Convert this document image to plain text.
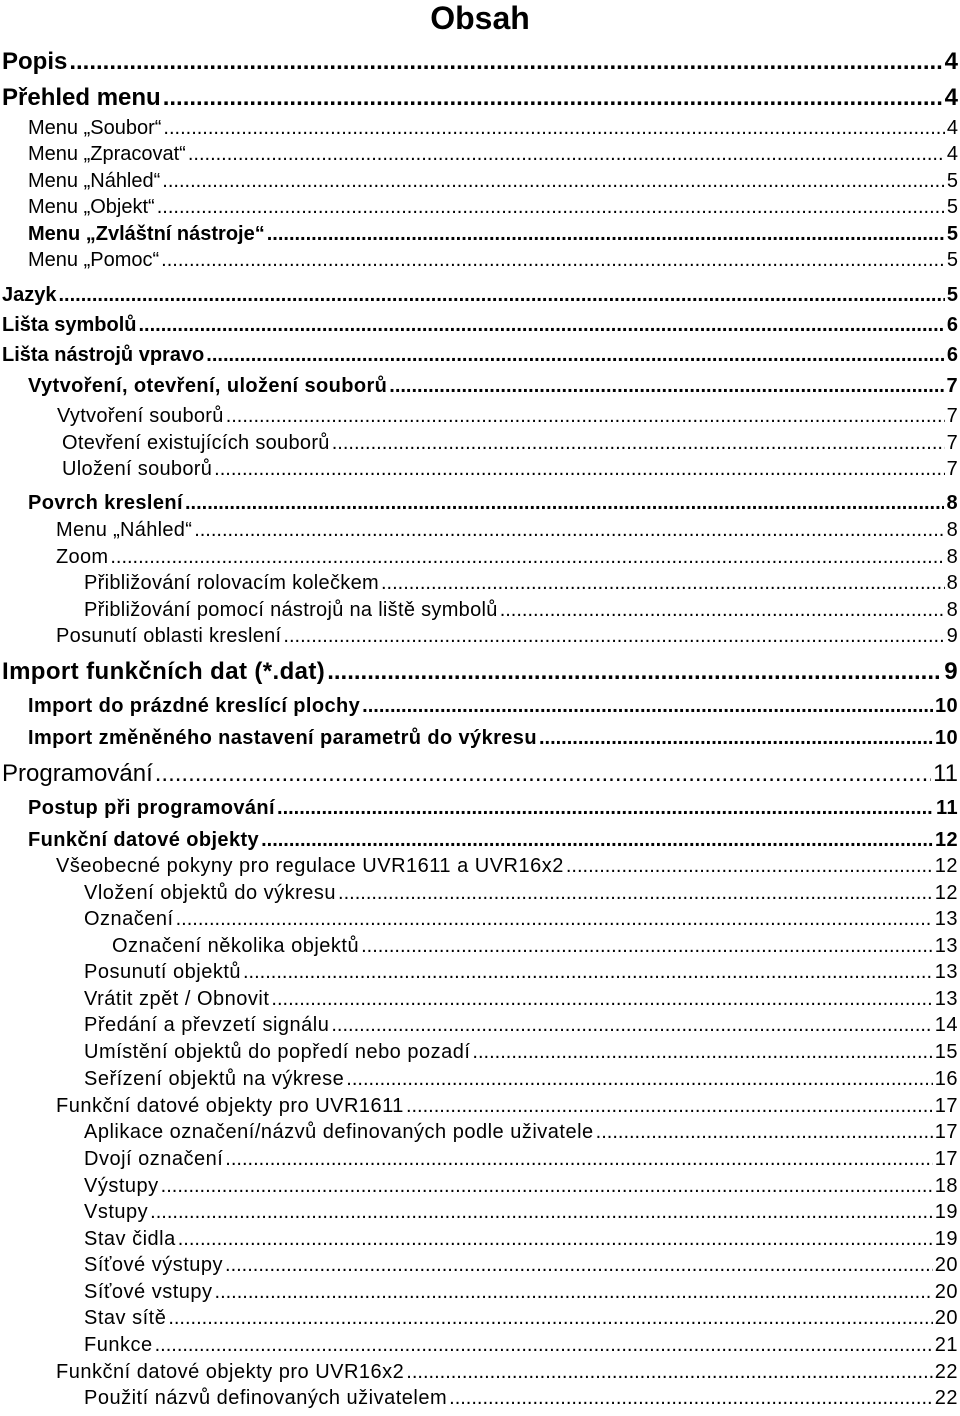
Obsah
Popis .....	4
Přehled menu .....	4
Menu „Soubor“ .....	4
Menu „Zpracovat“ .....	4
Menu „Náhled“ .....	5
Menu „Objekt“ .....	5
Menu „Zvláštní nástroje“ .....	5
Menu „Pomoc“ .....	5
Jazyk .....	5
Lišta symbolů .....	6
Lišta nástrojů vpravo .....	6
Vytvoření, otevření, uložení souborů .....	7
Vytvoření souborů .....	7
Otevření existujících souborů .....	7
Uložení souborů .....	7
Povrch kreslení .....	8
Menu „Náhled“ .....	8
Zoom .....	8
Přibližování rolovacím kolečkem .....	8
Přibližování pomocí nástrojů na liště symbolů .....	8
Posunutí oblasti kreslení .....	9
Import funkčních dat (*.dat) .....	9
Import do prázdné kreslící plochy .....	10
Import změněného nastavení parametrů do výkresu .....	10
Programování .....	11
Postup při programování .....	11
Funkční datové objekty .....	12
Všeobecné pokyny pro regulace UVR1611 a UVR16x2 .....	12
Vložení objektů do výkresu .....	12
Označení .....	13
Označení několika objektů .....	13
Posunutí objektů .....	13
Vrátit zpět / Obnovit .....	13
Předání a převzetí signálu .....	14
Umístění objektů do popředí nebo pozadí .....	15
Seřízení objektů na výkrese .....	16
Funkční datové objekty pro UVR1611 .....	17
Aplikace označení/názvů definovaných podle uživatele .....	17
Dvojí označení .....	17
Výstupy .....	18
Vstupy .....	19
Stav čidla .....	19
Síťové výstupy .....	20
Síťové vstupy .....	20
Stav sítě .....	20
Funkce .....	21
Funkční datové objekty pro UVR16x2 .....	22
Použití názvů definovaných uživatelem .....	22
